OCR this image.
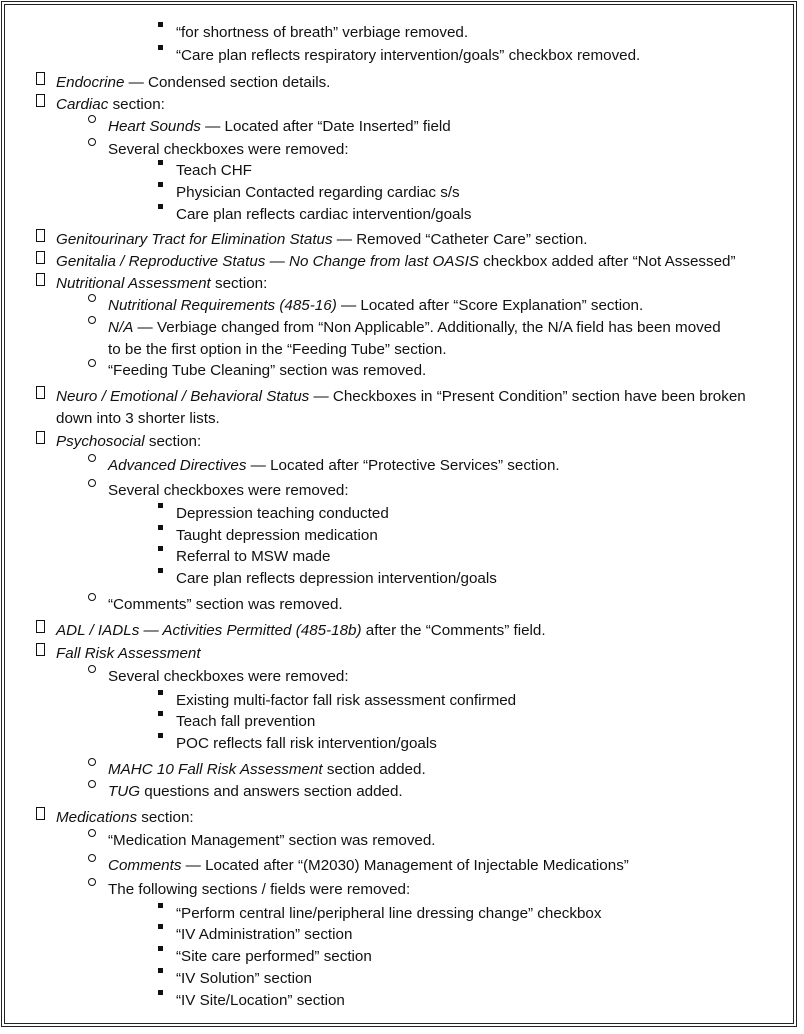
“for shortness of breath” verbiage removed.
“Care plan reflects respiratory intervention/goals” checkbox removed.
Endocrine — Condensed section details.
Cardiac section:
Heart Sounds — Located after “Date Inserted” field
Several checkboxes were removed:
Teach CHF
Physician Contacted regarding cardiac s/s
Care plan reflects cardiac intervention/goals
Genitourinary Tract for Elimination Status — Removed “Catheter Care” section.
Genitalia / Reproductive Status — No Change from last OASIS checkbox added after “Not Assessed”
Nutritional Assessment section:
Nutritional Requirements (485-16) — Located after “Score Explanation” section.
N/A — Verbiage changed from “Non Applicable”. Additionally, the N/A field has been moved
to be the first option in the “Feeding Tube” section.
“Feeding Tube Cleaning” section was removed.
Neuro / Emotional / Behavioral Status — Checkboxes in “Present Condition” section have been broken
down into 3 shorter lists.
Psychosocial section:
Advanced Directives — Located after “Protective Services” section.
Several checkboxes were removed:
Depression teaching conducted
Taught depression medication
Referral to MSW made
Care plan reflects depression intervention/goals
“Comments” section was removed.
ADL / IADLs — Activities Permitted (485-18b) after the “Comments” field.
Fall Risk Assessment
Several checkboxes were removed:
Existing multi-factor fall risk assessment confirmed
Teach fall prevention
POC reflects fall risk intervention/goals
MAHC 10 Fall Risk Assessment section added.
TUG questions and answers section added.
Medications section:
“Medication Management” section was removed.
Comments — Located after “(M2030) Management of Injectable Medications”
The following sections / fields were removed:
“Perform central line/peripheral line dressing change” checkbox
“IV Administration” section
“Site care performed” section
“IV Solution” section
“IV Site/Location” section
